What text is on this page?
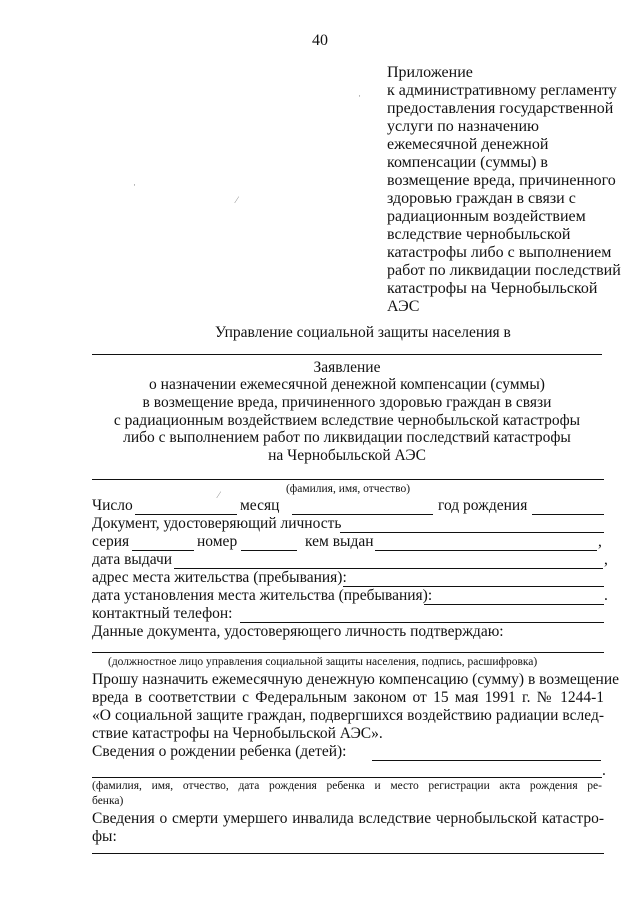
40
Приложение
к административному регламенту
предоставления государственной
услуги по назначению
ежемесячной денежной
компенсации (суммы) в
возмещение вреда, причиненного
здоровью граждан в связи с
радиационным воздействием
вследствие чернобыльской
катастрофы либо с выполнением
работ по ликвидации последствий
катастрофы на Чернобыльской
АЭС
·
⁄
·
⁄
Управление социальной защиты населения в
Заявление
о назначении ежемесячной денежной компенсации (суммы)
в возмещение вреда, причиненного здоровью граждан в связи
с радиационным воздействием вследствие чернобыльской катастрофы
либо с выполнением работ по ликвидации последствий катастрофы
на Чернобыльской АЭС
(фамилия, имя, отчество)
Число	месяц	год рождения
Документ, удостоверяющий личность
серия	номер	кем выдан	,
дата выдачи	,
адрес места жительства (пребывания):
дата установления места жительства (пребывания):	.
контактный телефон:
Данные документа, удостоверяющего личность подтверждаю:
(должностное лицо управления социальной защиты населения, подпись, расшифровка)
Прошу назначить ежемесячную денежную компенсацию (сумму) в возмещение
вреда в соответствии с Федеральным законом от 15 мая 1991 г. № 1244-1
«О социальной защите граждан, подвергшихся воздействию радиации вслед-
ствие катастрофы на Чернобыльской АЭС».
Сведения о рождении ребенка (детей):
.
(фамилия, имя, отчество, дата рождения ребенка и место регистрации акта рождения ре-
бенка)
Сведения о смерти умершего инвалида вследствие чернобыльской катастро-
фы:
